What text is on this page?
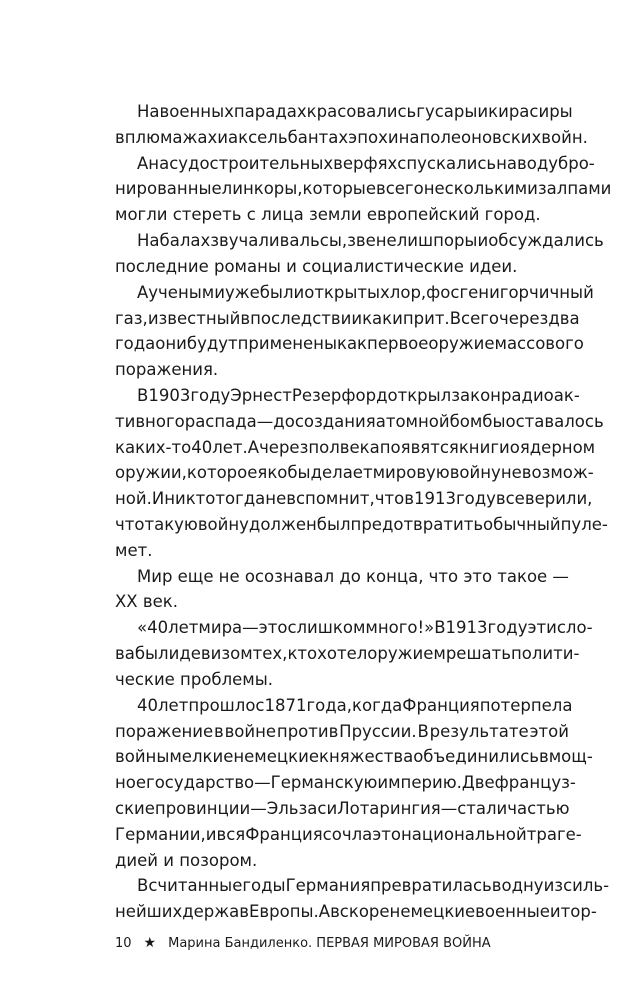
На военных парадах красовались гусары и кирасиры
в плюмажах и аксельбантах эпохи наполеоновских войн.
А на судостроительных верфях спускались на воду бро-
нированные линкоры, которые всего несколькими залпами
могли стереть с лица земли европейский город.
На балах звучали вальсы, звенели шпоры и обсуждались
последние романы и социалистические идеи.
А учеными уже были открыты хлор, фосген и горчичный
газ, известный впоследствии как иприт. Всего через два
года они будут применены как первое оружие массового
поражения.
В 1903 году Эрнест Резерфорд открыл закон радиоак-
тивного распада — до создания атомной бомбы оставалось
каких-то 40 лет. А через полвека появятся книги о ядерном
оружии, которое якобы делает мировую войну невозмож-
ной. И никто тогда не вспомнит, что в 1913 году все верили,
что такую войну должен был предотвратить обычный пуле-
мет.
Мир еще не осознавал до конца, что это такое —
XX век.
«40 лет мира — это слишком много!» В 1913 году эти сло-
ва были девизом тех, кто хотел оружием решать полити-
ческие проблемы.
40 лет прошло с 1871 года, когда Франция потерпела
поражение в войне против Пруссии. В результате этой
войны мелкие немецкие княжества объединились в мощ-
ное государство — Германскую империю. Две француз-
ские провинции — Эльзас и Лотарингия — стали частью
Германии, и вся Франция сочла это национальной траге-
дией и позором.
В считанные годы Германия превратилась в одну из силь-
нейших держав Европы. А вскоре немецкие военные и тор-
10 ★ Марина Бандиленко. ПЕРВАЯ МИРОВАЯ ВОЙНА
